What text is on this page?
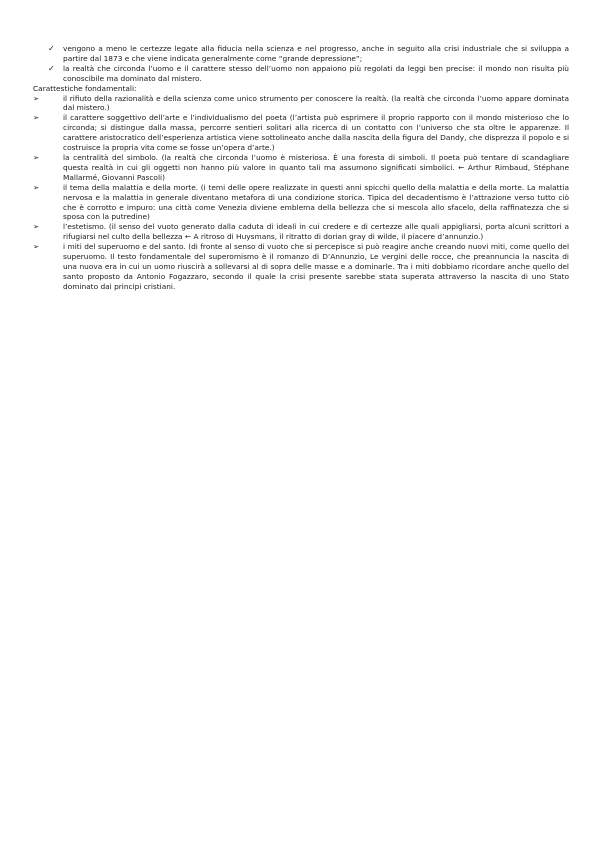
✓ vengono a meno le certezze legate alla fiducia nella scienza e nel progresso, anche in seguito alla crisi industriale che si sviluppa a partire dal 1873 e che viene indicata generalmente come “grande depressione”;
✓ la realtà che circonda l’uomo e il carattere stesso dell’uomo non appaiono più regolati da leggi ben precise: il mondo non risulta più conoscibile ma dominato dal mistero.
Carattestiche fondamentali:
➢	il rifiuto della razionalità e della scienza come unico strumento per conoscere la realtà. (la realtà che circonda l’uomo appare dominata dal mistero.)
➢	il carattere soggettivo dell’arte e l’individualismo del poeta (l’artista può esprimere il proprio rapporto con il mondo misterioso che lo circonda; si distingue dalla massa, percorre sentieri solitari alla ricerca di un contatto con l’universo che sta oltre le apparenze. Il carattere aristocratico dell’esperienza artistica viene sottolineato anche dalla nascita della figura del Dandy, che disprezza il popolo e si costruisce la propria vita come se fosse un’opera d’arte.)
➢	la centralità del simbolo. (la realtà che circonda l’uomo è misteriosa. È una foresta di simboli. Il poeta può tentare di scandagliare questa realtà in cui gli oggetti non hanno più valore in quanto tali ma assumono significati simbolici. ← Arthur Rimbaud, Stéphane Mallarmé, Giovanni Pascoli)
➢	il tema della malattia e della morte. (i temi delle opere realizzate in questi anni spicchi quello della malattia e della morte. La malattia nervosa e la malattia in generale diventano metafora di una condizione storica. Tipica del decadentismo è l’attrazione verso tutto ciò che è corrotto e impuro: una città come Venezia diviene emblema della bellezza che si mescola allo sfacelo, della raffinatezza che si sposa con la putredine)
➢	l’estetismo. (il senso del vuoto generato dalla caduta di ideali in cui credere e di certezze alle quali appigliarsi, porta alcuni scrittori a rifugiarsi nel culto della bellezza ← A ritroso di Huysmans, il ritratto di dorian gray di wilde, il piacere d’annunzio.)
➢	i miti del superuomo e del santo. (di fronte al senso di vuoto che si percepisce si può reagire anche creando nuovi miti, come quello del superuomo. Il testo fondamentale del superomismo è il romanzo di D’Annunzio, Le vergini delle rocce, che preannuncia la nascita di una nuova era in cui un uomo riuscirà a sollevarsi al di sopra delle masse e a dominarle. Tra i miti dobbiamo ricordare anche quello del santo proposto da Antonio Fogazzaro, secondo il quale la crisi presente sarebbe stata superata attraverso la nascita di uno Stato dominato dai principi cristiani.
